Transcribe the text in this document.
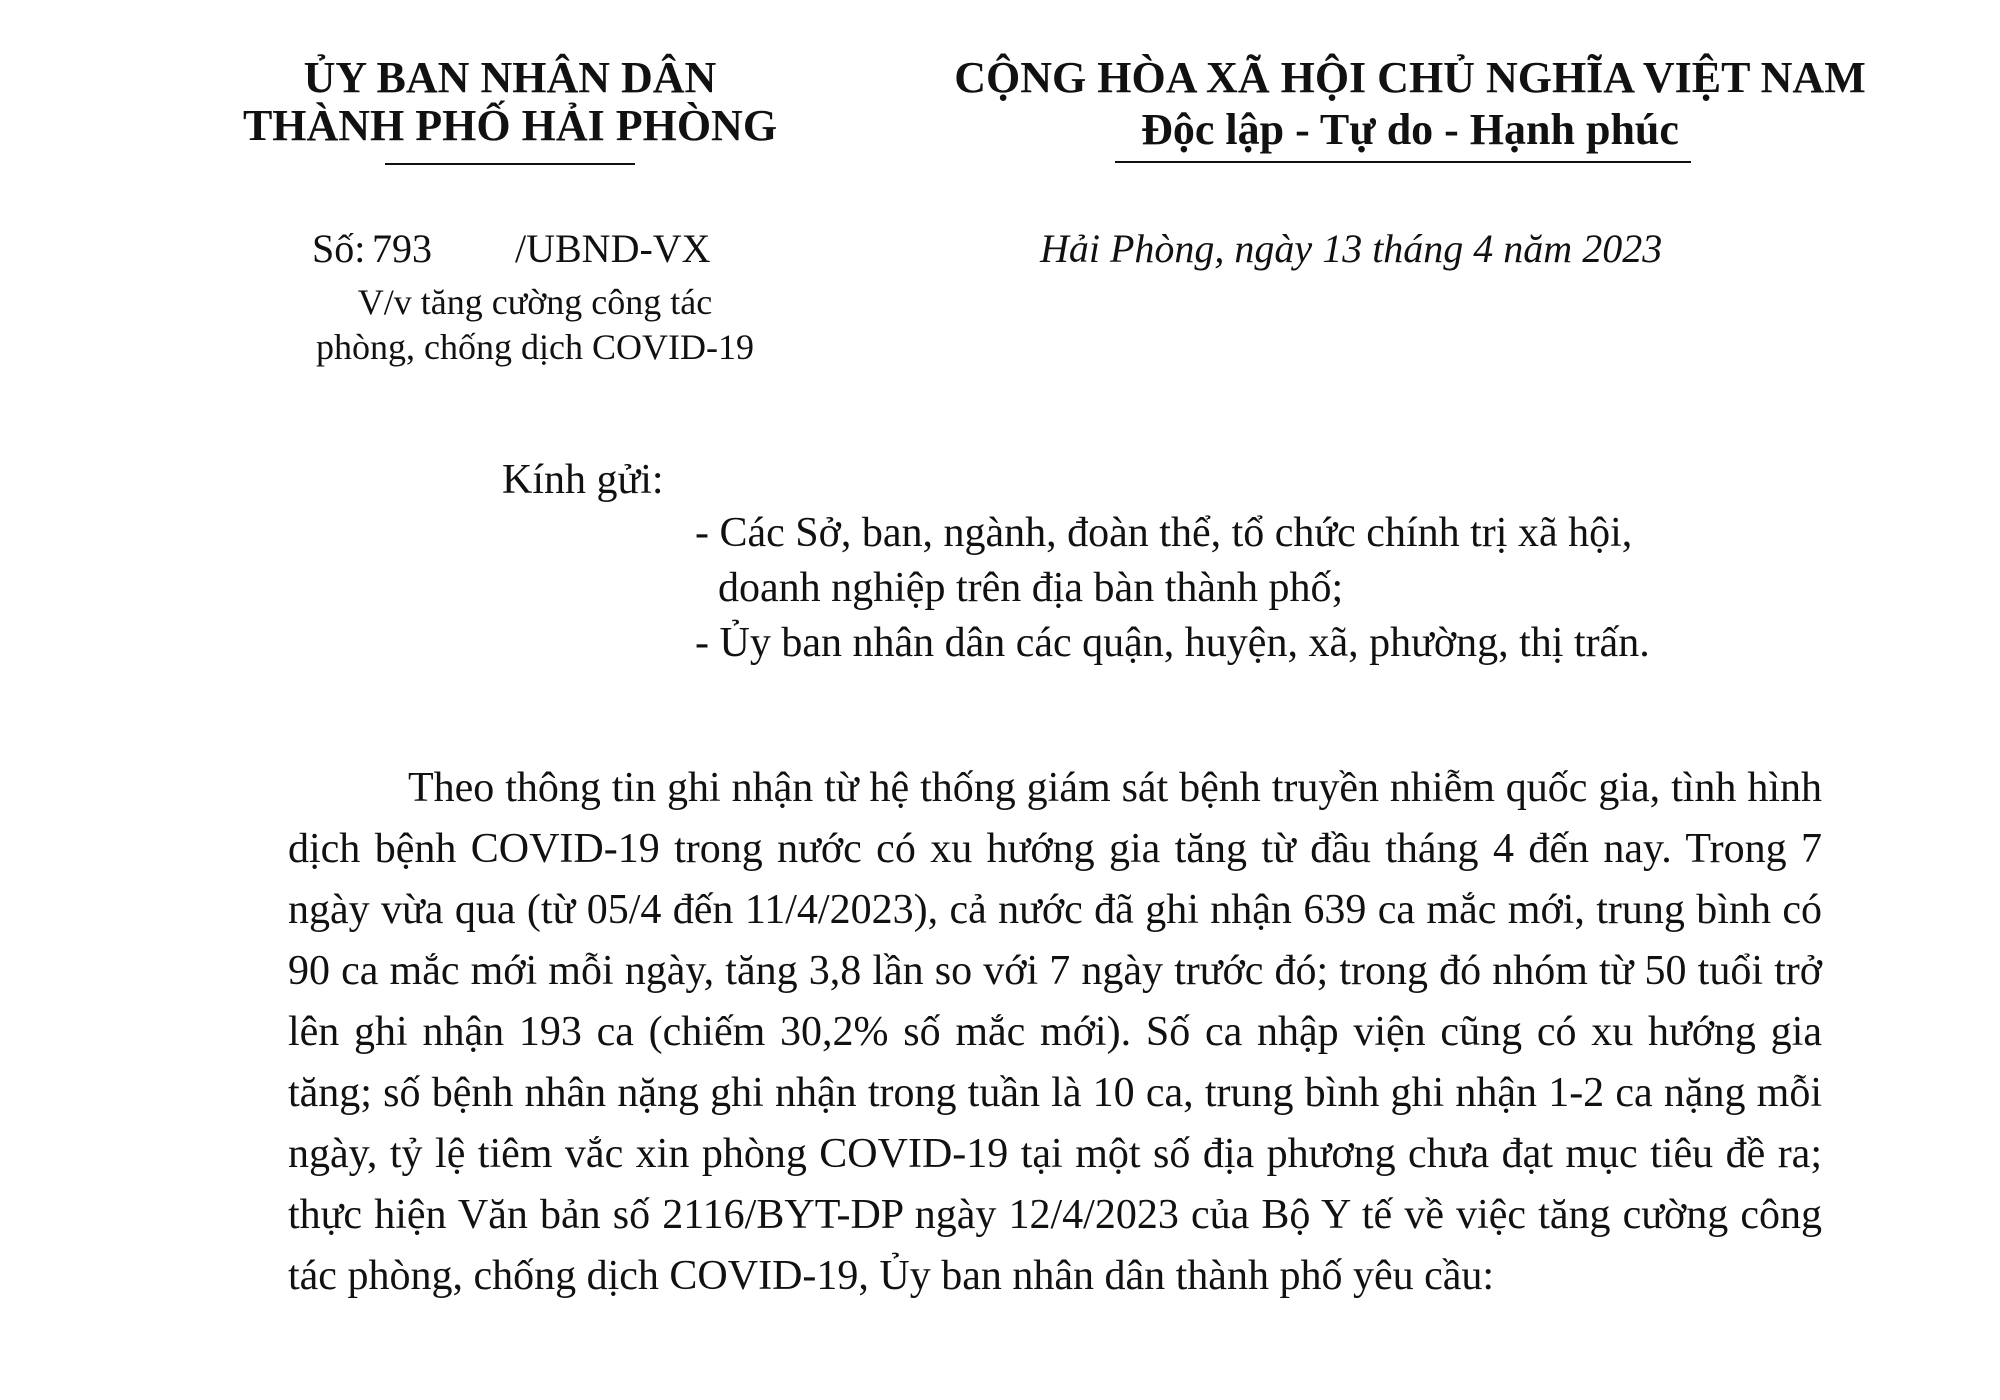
ỦY BAN NHÂN DÂN
THÀNH PHỐ HẢI PHÒNG
CỘNG HÒA XÃ HỘI CHỦ NGHĨA VIỆT NAM
Độc lập - Tự do - Hạnh phúc
Số: 793 /UBND-VX	Hải Phòng, ngày 13 tháng 4 năm 2023
V/v tăng cường công tác
phòng, chống dịch COVID-19
Kính gửi:
- Các Sở, ban, ngành, đoàn thể, tổ chức chính trị xã hội,
doanh nghiệp trên địa bàn thành phố;
- Ủy ban nhân dân các quận, huyện, xã, phường, thị trấn.

Theo thông tin ghi nhận từ hệ thống giám sát bệnh truyền nhiễm quốc gia, tình hình dịch bệnh COVID-19 trong nước có xu hướng gia tăng từ đầu tháng 4 đến nay. Trong 7 ngày vừa qua (từ 05/4 đến 11/4/2023), cả nước đã ghi nhận 639 ca mắc mới, trung bình có 90 ca mắc mới mỗi ngày, tăng 3,8 lần so với 7 ngày trước đó; trong đó nhóm từ 50 tuổi trở lên ghi nhận 193 ca (chiếm 30,2% số mắc mới). Số ca nhập viện cũng có xu hướng gia tăng; số bệnh nhân nặng ghi nhận trong tuần là 10 ca, trung bình ghi nhận 1-2 ca nặng mỗi ngày, tỷ lệ tiêm vắc xin phòng COVID-19 tại một số địa phương chưa đạt mục tiêu đề ra; thực hiện Văn bản số 2116/BYT-DP ngày 12/4/2023 của Bộ Y tế về việc tăng cường công tác phòng, chống dịch COVID-19, Ủy ban nhân dân thành phố yêu cầu:
